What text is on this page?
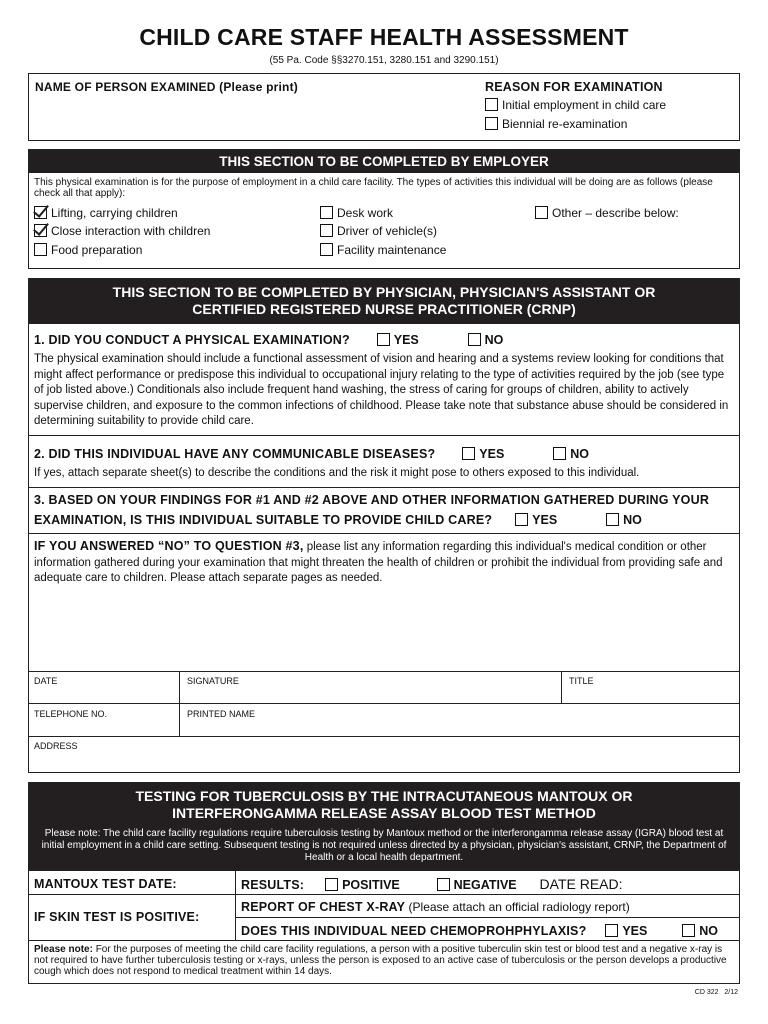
CHILD CARE STAFF HEALTH ASSESSMENT
(55 Pa. Code §§3270.151, 3280.151 and 3290.151)
NAME OF PERSON EXAMINED (Please print)	REASON FOR EXAMINATION
Initial employment in child care
Biennial re-examination
THIS SECTION TO BE COMPLETED BY EMPLOYER
This physical examination is for the purpose of employment in a child care facility. The types of activities this individual will be doing are as follows (please check all that apply):
Lifting, carrying children
Close interaction with children
Food preparation
Desk work
Driver of vehicle(s)
Facility maintenance
Other – describe below:
THIS SECTION TO BE COMPLETED BY PHYSICIAN, PHYSICIAN'S ASSISTANT OR
CERTIFIED REGISTERED NURSE PRACTITIONER (CRNP)
1. DID YOU CONDUCT A PHYSICAL EXAMINATION?	YES	NO
The physical examination should include a functional assessment of vision and hearing and a systems review looking for conditions that might affect performance or predispose this individual to occupational injury relating to the type of activities required by the job (see type of job listed above.) Conditionals also include frequent hand washing, the stress of caring for groups of children, ability to actively supervise children, and exposure to the common infections of childhood. Please take note that substance abuse should be considered in determining suitability to provide child care.
2. DID THIS INDIVIDUAL HAVE ANY COMMUNICABLE DISEASES?	YES	NO
If yes, attach separate sheet(s) to describe the conditions and the risk it might pose to others exposed to this individual.
3. BASED ON YOUR FINDINGS FOR #1 AND #2 ABOVE AND OTHER INFORMATION GATHERED DURING YOUR
EXAMINATION, IS THIS INDIVIDUAL SUITABLE TO PROVIDE CHILD CARE?	YES	NO
IF YOU ANSWERED “NO” TO QUESTION #3, please list any information regarding this individual's medical condition or other information gathered during your examination that might threaten the health of children or prohibit the individual from providing safe and adequate care to children. Please attach separate pages as needed.
DATE	SIGNATURE	TITLE
TELEPHONE NO.	PRINTED NAME
ADDRESS
TESTING FOR TUBERCULOSIS BY THE INTRACUTANEOUS MANTOUX OR
INTERFERONGAMMA RELEASE ASSAY BLOOD TEST METHOD
Please note: The child care facility regulations require tuberculosis testing by Mantoux method or the interferongamma release assay (IGRA) blood test at initial employment in a child care setting. Subsequent testing is not required unless directed by a physician, physician's assistant, CRNP, the Department of Health or a local health department.
MANTOUX TEST DATE:	RESULTS:	POSITIVE	NEGATIVE DATE READ:
IF SKIN TEST IS POSITIVE:
REPORT OF CHEST X-RAY (Please attach an official radiology report)
DOES THIS INDIVIDUAL NEED CHEMOPROHPHYLAXIS?	YES	NO
Please note: For the purposes of meeting the child care facility regulations, a person with a positive tuberculin skin test or blood test and a negative x-ray is not required to have further tuberculosis testing or x-rays, unless the person is exposed to an active case of tuberculosis or the person develops a productive cough which does not respond to medical treatment within 14 days.
CD 322   2/12
